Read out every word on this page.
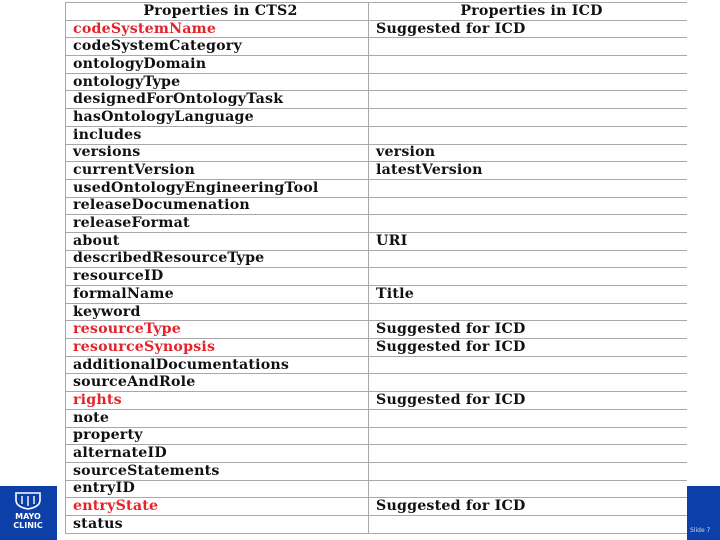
MAYO
CLINIC
Slide 7
Properties in CTS2	Properties in ICD
codeSystemName	Suggested for ICD
codeSystemCategory	
ontologyDomain	
ontologyType	
designedForOntologyTask	
hasOntologyLanguage	
includes	
versions	version
currentVersion	latestVersion
usedOntologyEngineeringTool	
releaseDocumenation	
releaseFormat	
about	URI
describedResourceType	
resourceID	
formalName	Title
keyword	
resourceType	Suggested for ICD
resourceSynopsis	Suggested for ICD
additionalDocumentations	
sourceAndRole	
rights	Suggested for ICD
note	
property	
alternateID	
sourceStatements	
entryID	
entryState	Suggested for ICD
status	
